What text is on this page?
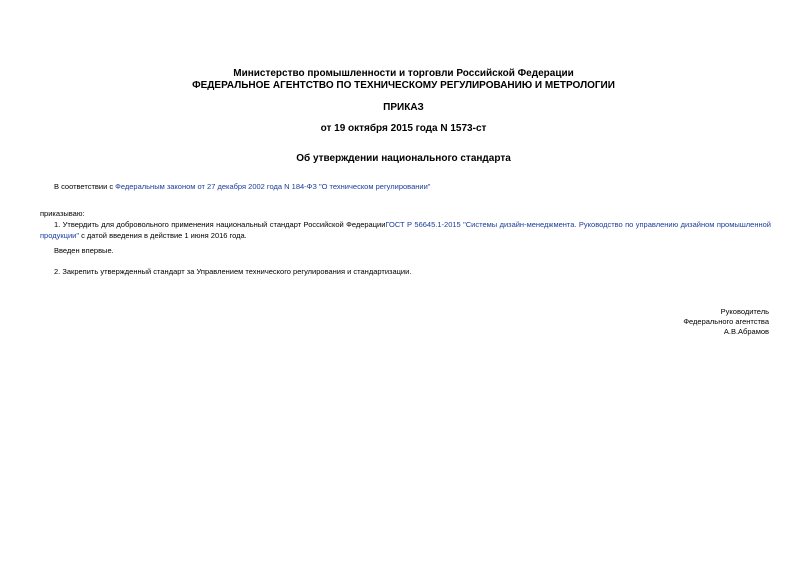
Министерство промышленности и торговли Российской Федерации
ФЕДЕРАЛЬНОЕ АГЕНТСТВО ПО ТЕХНИЧЕСКОМУ РЕГУЛИРОВАНИЮ И МЕТРОЛОГИИ
ПРИКАЗ
от 19 октября 2015 года N 1573-ст
Об утверждении национального стандарта
В соответствии с Федеральным законом от 27 декабря 2002 года N 184-ФЗ "О техническом регулировании"
приказываю:
1. Утвердить для добровольного применения национальный стандарт Российской ФедерацииГОСТ Р 56645.1-2015 "Системы дизайн-менеджмента. Руководство по управлению дизайном промышленной продукции" с датой введения в действие 1 июня 2016 года.
Введен впервые.
2. Закрепить утвержденный стандарт за Управлением технического регулирования и стандартизации.
Руководитель
Федерального агентства
А.В.Абрамов
